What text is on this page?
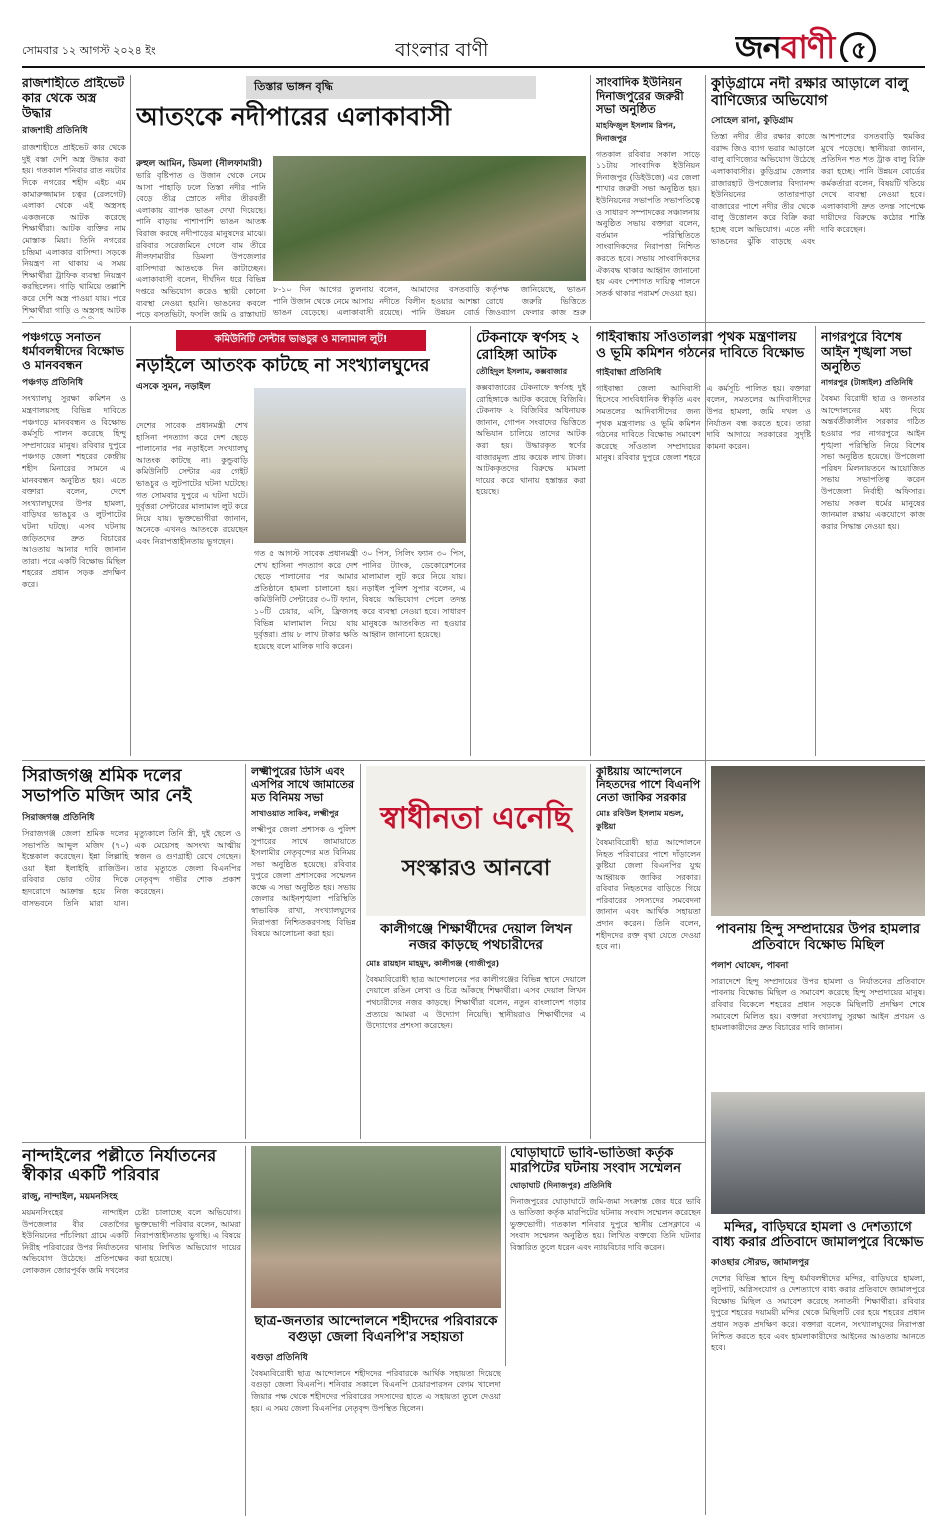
সোমবার ১২ আগস্ট ২০২৪ ইং	বাংলার বাণী	জনবাণী ৫
রাজশাহীতে প্রাইভেট কার থেকে অস্ত্র উদ্ধার
রাজশাহী প্রতিনিধি
রাজশাহীতে প্রাইভেট কার থেকে দুই বস্তা দেশি অস্ত্র উদ্ধার করা হয়। গতকাল শনিবার রাত নয়টার দিকে নগরের শহীদ এইচ এম কামারুজ্জামান চত্বর (রেলগেট) এলাকা থেকে এই অস্ত্রসহ একজনকে আটক করেছে শিক্ষার্থীরা। আটক ব্যক্তির নাম মোস্তাক মিয়া। তিনি নগরের চন্দ্রিমা এলাকার বাসিন্দা। সড়কে নিয়ন্ত্রণ না থাকায় এ সময় শিক্ষার্থীরা ট্রাফিক ব্যবস্থা নিয়ন্ত্রণ করছিলেন। গাড়ি থামিয়ে তল্লাশি করে দেশি অস্ত্র পাওয়া যায়। পরে শিক্ষার্থীরা গাড়ি ও অস্ত্রসহ আটক
তিস্তার ভাঙ্গন বৃদ্ধি
আতংকে নদীপারের এলাকাবাসী
রুহুল আমিন, ডিমলা (নীলফামারী)
ভারি বৃষ্টিপাত ও উজান থেকে নেমে আসা পাহাড়ি ঢলে তিস্তা নদীর পানি বেড়ে তীব্র স্রোতে নদীর তীরবর্তী এলাকায় ব্যাপক ভাঙন দেখা দিয়েছে। পানি বাড়ায় পাশাপাশি ভাঙন আতঙ্ক বিরাজ করছে নদীপাড়ের মানুষদের মাঝে। রবিবার সরেজমিনে গেলে বাম তীরে নীলফামারীর ডিমলা উপজেলার বাসিন্দারা আতংকে দিন কাটাচ্ছেন। এলাকাবাসী বলেন, দীর্ঘদিন ধরে বিভিন্ন দপ্তরে অভিযোগ করেও স্থায়ী কোনো ব্যবস্থা নেওয়া হয়নি। ভাঙনের কবলে পড়ে বসতভিটা, ফসলি জমি ও রাস্তাঘাট
৮-১০ দিন আগের তুলনায় পানি উজান থেকে নেমে আসায় ভাঙন বেড়েছে। এলাকাবাসী বলেন, আমাদের বসতবাড়ি নদীতে বিলীন হওয়ার আশঙ্কা রয়েছে। পানি উন্নয়ন বোর্ড কর্তৃপক্ষ জানিয়েছে, ভাঙন রোধে জরুরি ভিত্তিতে জিওব্যাগ ফেলার কাজ শুরু
সাংবাদিক ইউনিয়ন দিনাজপুরের জরুরী সভা অনুষ্ঠিত
মাহফিজুল ইসলাম রিপন, দিনাজপুর
গতকাল রবিবার সকাল সাড়ে ১১টায় সাংবাদিক ইউনিয়ন দিনাজপুর (ডিইউজে) এর জেলা শাখার জরুরী সভা অনুষ্ঠিত হয়। ইউনিয়নের সভাপতি সভাপতিত্বে ও সাধারণ সম্পাদকের সঞ্চালনায় অনুষ্ঠিত সভায় বক্তারা বলেন, বর্তমান পরিস্থিতিতে সাংবাদিকদের নিরাপত্তা নিশ্চিত করতে হবে। সভায় সাংবাদিকদের ঐক্যবদ্ধ থাকার আহ্বান জানানো হয় এবং পেশাগত দায়িত্ব পালনে সতর্ক থাকার পরামর্শ দেওয়া হয়।
কুড়িগ্রামে নদী রক্ষার আড়ালে বালু বাণিজ্যের অভিযোগ
সোহেল রানা, কুড়িগ্রাম
তিস্তা নদীর তীর রক্ষার কাজে বরাদ্দ জিও ব্যাগ ভরার আড়ালে বালু বাণিজ্যের অভিযোগ উঠেছে এলাকাবাসীর। কুড়িগ্রাম জেলার রাজারহাট উপজেলার বিদ্যানন্দ ইউনিয়নের তাতারপাড়া বাজারের পাশে নদীর তীর থেকে বালু উত্তোলন করে বিক্রি করা হচ্ছে বলে অভিযোগ। এতে নদী ভাঙনের ঝুঁকি বাড়ছে এবং আশপাশের বসতবাড়ি হুমকির মুখে পড়েছে। স্থানীয়রা জানান, প্রতিদিন শত শত ট্রাক বালু বিক্রি করা হচ্ছে। পানি উন্নয়ন বোর্ডের কর্মকর্তারা বলেন, বিষয়টি খতিয়ে দেখে ব্যবস্থা নেওয়া হবে। এলাকাবাসী দ্রুত তদন্ত সাপেক্ষে দায়ীদের বিরুদ্ধে কঠোর শাস্তি দাবি করেছেন।
পঞ্চগড়ে সনাতন ধর্মাবলম্বীদের বিক্ষোভ ও মানববন্ধন
পঞ্চগড় প্রতিনিধি
সংখ্যালঘু সুরক্ষা কমিশন ও মন্ত্রণালয়সহ বিভিন্ন দাবিতে পঞ্চগড়ে মানববন্ধন ও বিক্ষোভ কর্মসূচি পালন করেছে হিন্দু সম্প্রদায়ের মানুষ। রবিবার দুপুরে পঞ্চগড় জেলা শহরের কেন্দ্রীয় শহীদ মিনারের সামনে এ মানববন্ধন অনুষ্ঠিত হয়। এতে বক্তারা বলেন, দেশে সংখ্যালঘুদের উপর হামলা, বাড়িঘর ভাঙচুর ও লুটপাটের ঘটনা ঘটছে। এসব ঘটনায় জড়িতদের দ্রুত বিচারের আওতায় আনার দাবি জানান তারা। পরে একটি বিক্ষোভ মিছিল শহরের প্রধান সড়ক প্রদক্ষিণ করে।
কমিউনিটি সেন্টার ভাঙচুর ও মালামাল লুট!
নড়াইলে আতংক কাটছে না সংখ্যালঘুদের
এসকে সুমন, নড়াইল
দেশের সাবেক প্রধানমন্ত্রী শেখ হাসিনা পদত্যাগ করে দেশ ছেড়ে পালানোর পর নড়াইলে সংখ্যালঘু আতংক কাটছে না। কুন্ডুবাড়ি কমিউনিটি সেন্টার এর গেইট ভাঙচুর ও লুটপাটের ঘটনা ঘটেছে। গত সোমবার দুপুরে এ ঘটনা ঘটে। দুর্বৃত্তরা সেন্টারের মালামাল লুট করে নিয়ে যায়। ভুক্তভোগীরা জানান, অনেকে এখনও আতংকে রয়েছেন এবং নিরাপত্তাহীনতায় ভুগছেন।
গত ৫ আগস্ট সাবেক প্রধানমন্ত্রী শেখ হাসিনা পদত্যাগ করে দেশ ছেড়ে পালানোর পর আমার প্রতিষ্ঠানে হামলা চালানো হয়। কমিউনিটি সেন্টারের ৩০টি ফ্যান, ১০টি চেয়ার, এসি, ফ্রিজসহ বিভিন্ন মালামাল নিয়ে যায় দুর্বৃত্তরা। প্রায় ৮ লাখ টাকার ক্ষতি হয়েছে বলে মালিক দাবি করেন।
৩০ পিস, সিলিং ফ্যান ৩০ পিস, পানির ট্যাংক, ডেকোরেশনের মালামাল লুট করে নিয়ে যায়। নড়াইল পুলিশ সুপার বলেন, এ বিষয়ে অভিযোগ পেলে তদন্ত করে ব্যবস্থা নেওয়া হবে। সাধারণ মানুষকে আতংকিত না হওয়ার আহ্বান জানানো হয়েছে।
টেকনাফে স্বর্ণসহ ২ রোহিঙ্গা আটক
তৌহিদুল ইসলাম, কক্সবাজার
কক্সবাজারের টেকনাফে স্বর্ণসহ দুই রোহিঙ্গাকে আটক করেছে বিজিবি। টেকনাফ ২ বিজিবির অধিনায়ক জানান, গোপন সংবাদের ভিত্তিতে অভিযান চালিয়ে তাদের আটক করা হয়। উদ্ধারকৃত স্বর্ণের বাজারমূল্য প্রায় কয়েক লাখ টাকা। আটককৃতদের বিরুদ্ধে মামলা দায়ের করে থানায় হস্তান্তর করা হয়েছে।
গাইবান্ধায় সাঁওতালরা পৃথক মন্ত্রণালয় ও ভূমি কমিশন গঠনের দাবিতে বিক্ষোভ
গাইবান্ধা প্রতিনিধি
গাইবান্ধা জেলা আদিবাসী হিসেবে সাংবিধানিক স্বীকৃতি এবং সমতলের আদিবাসীদের জন্য পৃথক মন্ত্রণালয় ও ভূমি কমিশন গঠনের দাবিতে বিক্ষোভ সমাবেশ করেছে সাঁওতাল সম্প্রদায়ের মানুষ। রবিবার দুপুরে জেলা শহরে এ কর্মসূচি পালিত হয়। বক্তারা বলেন, সমতলের আদিবাসীদের উপর হামলা, জমি দখল ও নির্যাতন বন্ধ করতে হবে। তারা দাবি আদায়ে সরকারের সুদৃষ্টি কামনা করেন।
নাগরপুরে বিশেষ আইন শৃঙ্খলা সভা অনুষ্ঠিত
নাগরপুর (টাঙ্গাইল) প্রতিনিধি
বৈষম্য বিরোধী ছাত্র ও জনতার আন্দোলনের মধ্য দিয়ে অন্তর্বর্তীকালীন সরকার গঠিত হওয়ার পর নাগরপুরে আইন শৃঙ্খলা পরিস্থিতি নিয়ে বিশেষ সভা অনুষ্ঠিত হয়েছে। উপজেলা পরিষদ মিলনায়তনে আয়োজিত সভায় সভাপতিত্ব করেন উপজেলা নির্বাহী অফিসার। সভায় সকল ধর্মের মানুষের জানমাল রক্ষায় একযোগে কাজ করার সিদ্ধান্ত নেওয়া হয়।
সিরাজগঞ্জ শ্রমিক দলের সভাপতি মজিদ আর নেই
সিরাজগঞ্জ প্রতিনিধি
সিরাজগঞ্জ জেলা শ্রমিক দলের সভাপতি আব্দুল মজিদ (৭০) ইন্তেকাল করেছেন। ইন্না লিল্লাহি ওয়া ইন্না ইলাইহি রাজিউন। রবিবার ভোর ৩টার দিকে হৃদরোগে আক্রান্ত হয়ে নিজ বাসভবনে তিনি মারা যান। মৃত্যুকালে তিনি স্ত্রী, দুই ছেলে ও এক মেয়েসহ অসংখ্য আত্মীয় স্বজন ও গুণগ্রাহী রেখে গেছেন। তার মৃত্যুতে জেলা বিএনপির নেতৃবৃন্দ গভীর শোক প্রকাশ করেছেন।
লক্ষ্মীপুরের ডিসি এবং এসপির সাথে জামাতের মত বিনিময় সভা
সাখাওয়াত সাকিব, লক্ষ্মীপুর
লক্ষ্মীপুর জেলা প্রশাসক ও পুলিশ সুপারের সাথে জামায়াতে ইসলামীর নেতৃবৃন্দের মত বিনিময় সভা অনুষ্ঠিত হয়েছে। রবিবার দুপুরে জেলা প্রশাসকের সম্মেলন কক্ষে এ সভা অনুষ্ঠিত হয়। সভায় জেলার আইনশৃঙ্খলা পরিস্থিতি স্বাভাবিক রাখা, সংখ্যালঘুদের নিরাপত্তা নিশ্চিতকরণসহ বিভিন্ন বিষয়ে আলোচনা করা হয়।
স্বাধীনতা এনেছি
সংস্কারও আনবো
কালীগঞ্জে শিক্ষার্থীদের দেয়াল লিখন নজর কাড়ছে পথচারীদের
মোঃ রায়হান মাহমুদ, কালীগঞ্জ (গাজীপুর)
বৈষম্যবিরোধী ছাত্র আন্দোলনের পর কালীগঞ্জের বিভিন্ন স্থানে দেয়ালে দেয়ালে রঙিন লেখা ও চিত্র আঁকছে শিক্ষার্থীরা। এসব দেয়াল লিখন পথচারীদের নজর কাড়ছে। শিক্ষার্থীরা বলেন, নতুন বাংলাদেশ গড়ার প্রত্যয়ে আমরা এ উদ্যোগ নিয়েছি। স্থানীয়রাও শিক্ষার্থীদের এ উদ্যোগের প্রশংসা করেছেন।
কুষ্টিয়ায় আন্দোলনে নিহতদের পাশে বিএনপি নেতা জাকির সরকার
মোঃ রবিউল ইসলাম মন্ডল, কুষ্টিয়া
বৈষম্যবিরোধী ছাত্র আন্দোলনে নিহত পরিবারের পাশে দাঁড়ালেন কুষ্টিয়া জেলা বিএনপির যুগ্ম আহ্বায়ক জাকির সরকার। রবিবার নিহতদের বাড়িতে গিয়ে পরিবারের সদস্যদের সমবেদনা জানান এবং আর্থিক সহায়তা প্রদান করেন। তিনি বলেন, শহীদদের রক্ত বৃথা যেতে দেওয়া হবে না।
পাবনায় হিন্দু সম্প্রদায়ের উপর হামলার প্রতিবাদে বিক্ষোভ মিছিল
পলাশ ঘোষেদ, পাবনা
সারাদেশে হিন্দু সম্প্রদায়ের উপর হামলা ও নির্যাতনের প্রতিবাদে পাবনায় বিক্ষোভ মিছিল ও সমাবেশ করেছে হিন্দু সম্প্রদায়ের মানুষ। রবিবার বিকেলে শহরের প্রধান সড়কে মিছিলটি প্রদক্ষিণ শেষে সমাবেশে মিলিত হয়। বক্তারা সংখ্যালঘু সুরক্ষা আইন প্রণয়ন ও হামলাকারীদের দ্রুত বিচারের দাবি জানান।
নান্দাইলের পল্লীতে নির্যাতনের স্বীকার একটি পরিবার
রাজু, নান্দাইল, ময়মনসিংহ
ময়মনসিংহের নান্দাইল উপজেলার বীর বেতাগৈর ইউনিয়নের পাঁচলিয়া গ্রামে একটি নিরীহ পরিবারের উপর নির্যাতনের অভিযোগ উঠেছে। প্রতিপক্ষের লোকজন জোরপূর্বক জমি দখলের চেষ্টা চালাচ্ছে বলে অভিযোগ। ভুক্তভোগী পরিবার বলেন, আমরা নিরাপত্তাহীনতায় ভুগছি। এ বিষয়ে থানায় লিখিত অভিযোগ দায়ের করা হয়েছে।
ছাত্র-জনতার আন্দোলনে শহীদদের পরিবারকে বগুড়া জেলা বিএনপি'র সহায়তা
বগুড়া প্রতিনিধি
বৈষম্যবিরোধী ছাত্র আন্দোলনে শহীদদের পরিবারকে আর্থিক সহায়তা দিয়েছে বগুড়া জেলা বিএনপি। শনিবার সকালে বিএনপি চেয়ারপারসন বেগম খালেদা জিয়ার পক্ষ থেকে শহীদদের পরিবারের সদস্যদের হাতে এ সহায়তা তুলে দেওয়া হয়। এ সময় জেলা বিএনপির নেতৃবৃন্দ উপস্থিত ছিলেন।
ঘোড়াঘাটে ভাবি-ভাতিজা কর্তৃক মারপিটের ঘটনায় সংবাদ সম্মেলন
ঘোড়াঘাট (দিনাজপুর) প্রতিনিধি
দিনাজপুরের ঘোড়াঘাটে জমি-জমা সংক্রান্ত জের ধরে ভাবি ও ভাতিজা কর্তৃক মারপিটের ঘটনায় সংবাদ সম্মেলন করেছেন ভুক্তভোগী। গতকাল শনিবার দুপুরে স্থানীয় প্রেসক্লাবে এ সংবাদ সম্মেলন অনুষ্ঠিত হয়। লিখিত বক্তব্যে তিনি ঘটনার বিস্তারিত তুলে ধরেন এবং ন্যায়বিচার দাবি করেন।
মন্দির, বাড়িঘরে হামলা ও দেশত্যাগে বাধ্য করার প্রতিবাদে জামালপুরে বিক্ষোভ
কাওছার সৌরভ, জামালপুর
দেশের বিভিন্ন স্থানে হিন্দু ধর্মাবলম্বীদের মন্দির, বাড়িঘরে হামলা, লুটপাট, অগ্নিসংযোগ ও দেশত্যাগে বাধ্য করার প্রতিবাদে জামালপুরে বিক্ষোভ মিছিল ও সমাবেশ করেছে সনাতনী শিক্ষার্থীরা। রবিবার দুপুরে শহরের দয়াময়ী মন্দির থেকে মিছিলটি বের হয়ে শহরের প্রধান প্রধান সড়ক প্রদক্ষিণ করে। বক্তারা বলেন, সংখ্যালঘুদের নিরাপত্তা নিশ্চিত করতে হবে এবং হামলাকারীদের আইনের আওতায় আনতে হবে।
